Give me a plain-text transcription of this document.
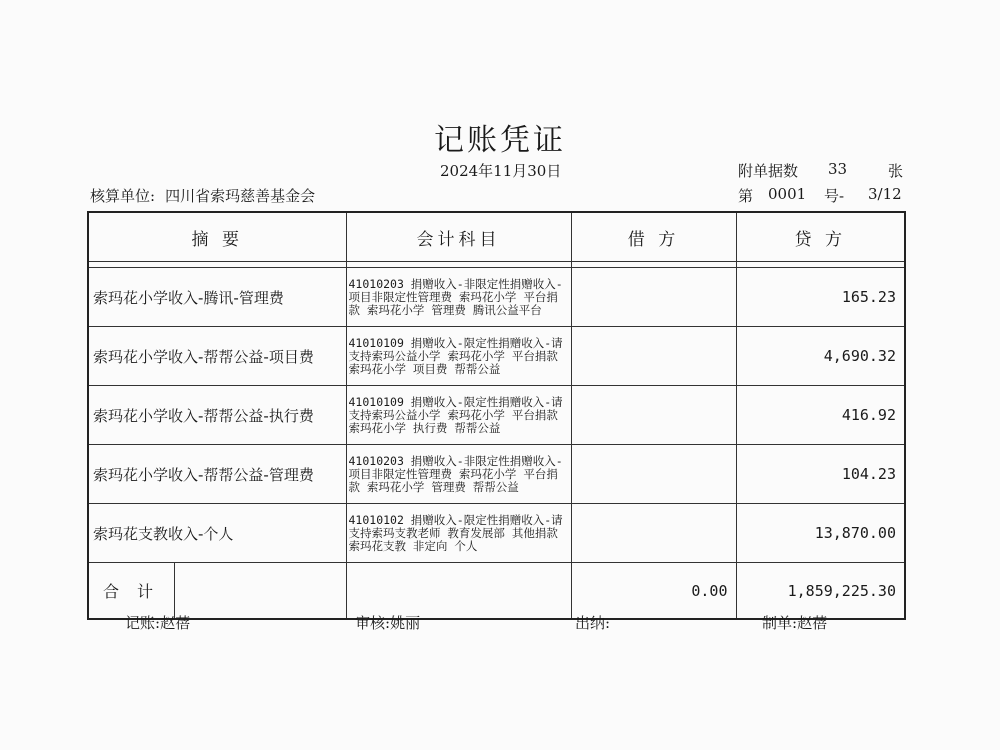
记账凭证
2024年11月30日	附单据数 33	张
核算单位: 四川省索玛慈善基金会	第 0001 号- 3/12
摘 要		会计科目	借 方	贷 方

索玛花小学收入-腾讯-管理费		41010203 捐赠收入-非限定性捐赠收入-项目非限定性管理费 索玛花小学 平台捐款 索玛花小学 管理费 腾讯公益平台		165.23
索玛花小学收入-帮帮公益-项目费		41010109 捐赠收入-限定性捐赠收入-请支持索玛公益小学 索玛花小学 平台捐款 索玛花小学 项目费 帮帮公益		4,690.32
索玛花小学收入-帮帮公益-执行费		41010109 捐赠收入-限定性捐赠收入-请支持索玛公益小学 索玛花小学 平台捐款 索玛花小学 执行费 帮帮公益		416.92
索玛花小学收入-帮帮公益-管理费		41010203 捐赠收入-非限定性捐赠收入-项目非限定性管理费 索玛花小学 平台捐款 索玛花小学 管理费 帮帮公益		104.23
索玛花支教收入-个人		41010102 捐赠收入-限定性捐赠收入-请支持索玛支教老师 教育发展部 其他捐款 索玛花支教 非定向 个人		13,870.00
合计			0.00	1,859,225.30
记账:赵蓓	审核:姚丽	出纳:	制单:赵蓓
